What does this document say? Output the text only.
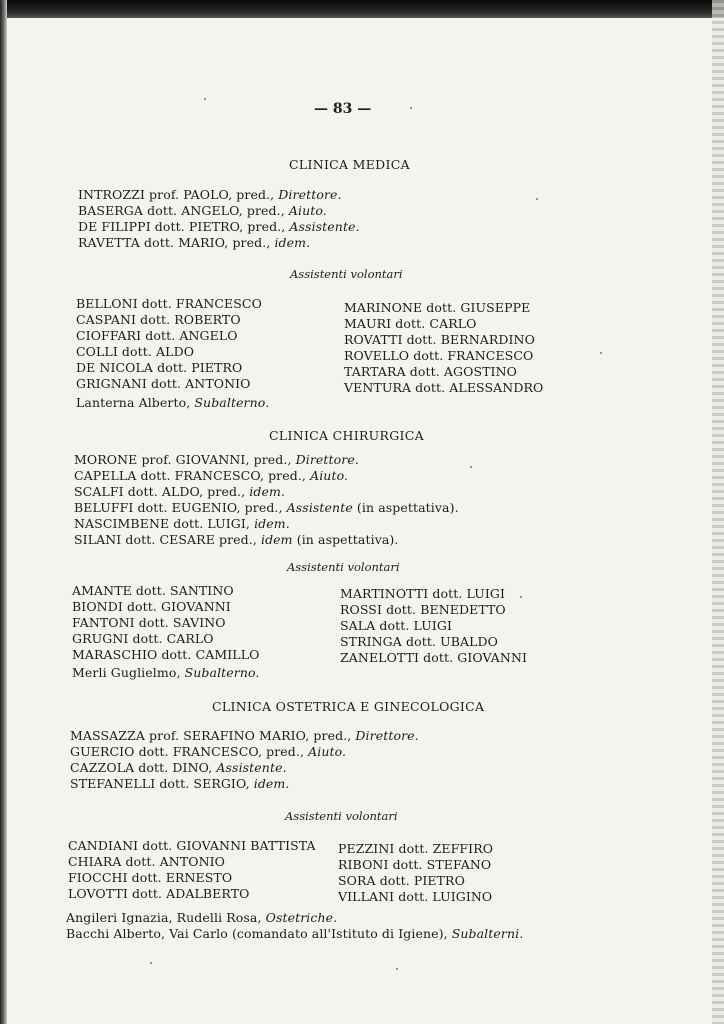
— 83 —
CLINICA MEDICA
INTROZZI prof. PAOLO, pred., Direttore.
BASERGA dott. ANGELO, pred., Aiuto.
DE FILIPPI dott. PIETRO, pred., Assistente.
RAVETTA dott. MARIO, pred., idem.
Assistenti volontari
BELLONI dott. FRANCESCO
CASPANI dott. ROBERTO
CIOFFARI dott. ANGELO
COLLI dott. ALDO
DE NICOLA dott. PIETRO
GRIGNANI dott. ANTONIO
MARINONE dott. GIUSEPPE
MAURI dott. CARLO
ROVATTI dott. BERNARDINO
ROVELLO dott. FRANCESCO
TARTARA dott. AGOSTINO
VENTURA dott. ALESSANDRO
Lanterna Alberto, Subalterno.
CLINICA CHIRURGICA
MORONE prof. GIOVANNI, pred., Direttore.
CAPELLA dott. FRANCESCO, pred., Aiuto.
SCALFI dott. ALDO, pred., idem.
BELUFFI dott. EUGENIO, pred., Assistente (in aspettativa).
NASCIMBENE dott. LUIGI, idem.
SILANI dott. CESARE pred., idem (in aspettativa).
Assistenti volontari
AMANTE dott. SANTINO
BIONDI dott. GIOVANNI
FANTONI dott. SAVINO
GRUGNI dott. CARLO
MARASCHIO dott. CAMILLO
MARTINOTTI dott. LUIGI
ROSSI dott. BENEDETTO
SALA dott. LUIGI
STRINGA dott. UBALDO
ZANELOTTI dott. GIOVANNI
Merli Guglielmo, Subalterno.
CLINICA OSTETRICA E GINECOLOGICA
MASSAZZA prof. SERAFINO MARIO, pred., Direttore.
GUERCIO dott. FRANCESCO, pred., Aiuto.
CAZZOLA dott. DINO, Assistente.
STEFANELLI dott. SERGIO, idem.
Assistenti volontari
CANDIANI dott. GIOVANNI BATTISTA
CHIARA dott. ANTONIO
FIOCCHI dott. ERNESTO
LOVOTTI dott. ADALBERTO
PEZZINI dott. ZEFFIRO
RIBONI dott. STEFANO
SORA dott. PIETRO
VILLANI dott. LUIGINO
Angileri Ignazia, Rudelli Rosa, Ostetriche.
Bacchi Alberto, Vai Carlo (comandato all'Istituto di Igiene), Subalterni.
